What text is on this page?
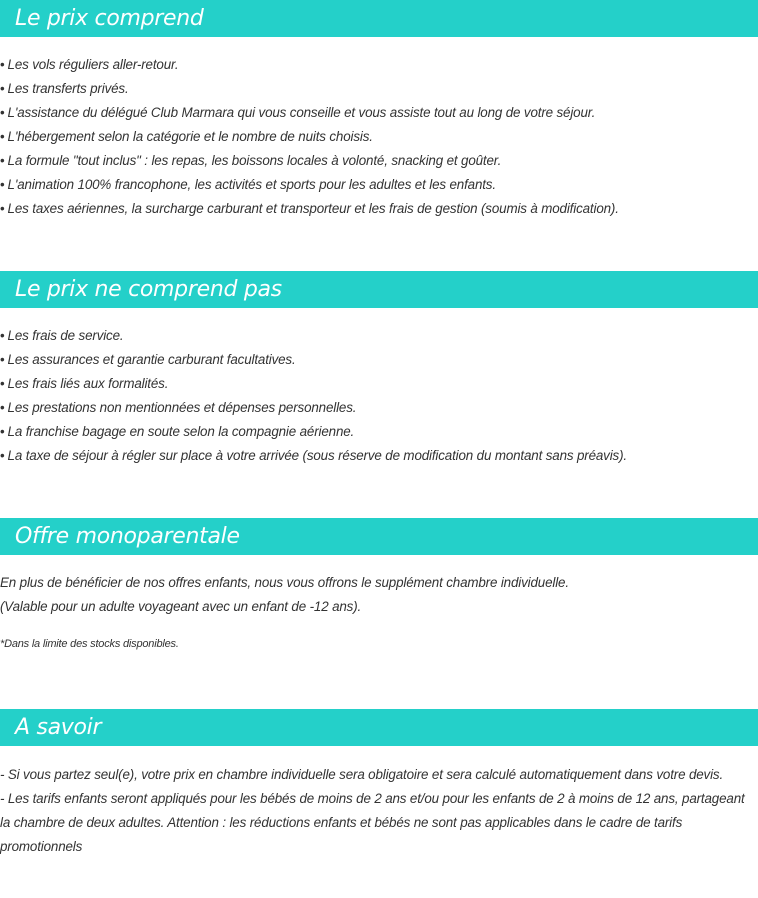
Le prix comprend
• Les vols réguliers aller-retour.
• Les transferts privés.
• L'assistance du délégué Club Marmara qui vous conseille et vous assiste tout au long de votre séjour.
• L'hébergement selon la catégorie et le nombre de nuits choisis.
• La formule "tout inclus" : les repas, les boissons locales à volonté, snacking et goûter.
• L'animation 100% francophone, les activités et sports pour les adultes et les enfants.
• Les taxes aériennes, la surcharge carburant et transporteur et les frais de gestion (soumis à modification).
Le prix ne comprend pas
• Les frais de service.
• Les assurances et garantie carburant facultatives.
• Les frais liés aux formalités.
• Les prestations non mentionnées et dépenses personnelles.
• La franchise bagage en soute selon la compagnie aérienne.
• La taxe de séjour à régler sur place à votre arrivée (sous réserve de modification du montant sans préavis).
Offre monoparentale

En plus de bénéficier de nos offres enfants, nous vous offrons le supplément chambre individuelle.
(Valable pour un adulte voyageant avec un enfant de -12 ans).

*Dans la limite des stocks disponibles.

A savoir

- Si vous partez seul(e), votre prix en chambre individuelle sera obligatoire et sera calculé automatiquement dans votre devis.
- Les tarifs enfants seront appliqués pour les bébés de moins de 2 ans et/ou pour les enfants de 2 à moins de 12 ans, partageant la chambre de deux adultes. Attention : les réductions enfants et bébés ne sont pas applicables dans le cadre de tarifs promotionnels
